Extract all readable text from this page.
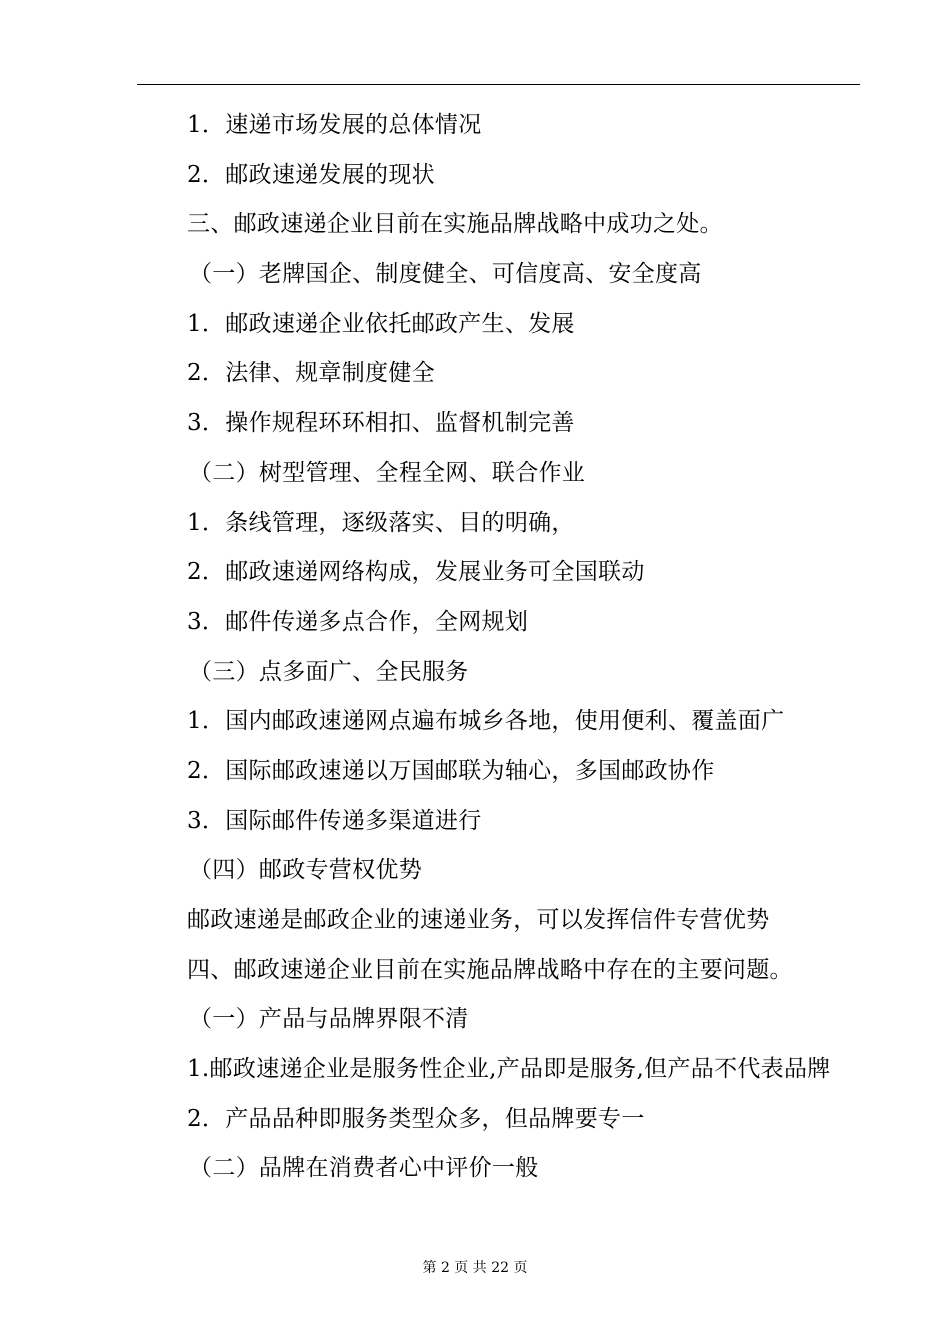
1．速递市场发展的总体情况
2．邮政速递发展的现状
三、邮政速递企业目前在实施品牌战略中成功之处。
（一）老牌国企、制度健全、可信度高、安全度高
1．邮政速递企业依托邮政产生、发展
2．法律、规章制度健全
3．操作规程环环相扣、监督机制完善
（二）树型管理、全程全网、联合作业
1．条线管理，逐级落实、目的明确，
2．邮政速递网络构成，发展业务可全国联动
3．邮件传递多点合作，全网规划
（三）点多面广、全民服务
1．国内邮政速递网点遍布城乡各地，使用便利、覆盖面广
2．国际邮政速递以万国邮联为轴心，多国邮政协作
3．国际邮件传递多渠道进行
（四）邮政专营权优势
邮政速递是邮政企业的速递业务，可以发挥信件专营优势
四、邮政速递企业目前在实施品牌战略中存在的主要问题。
（一）产品与品牌界限不清
1.邮政速递企业是服务性企业,产品即是服务,但产品不代表品牌
2．产品品种即服务类型众多，但品牌要专一
（二）品牌在消费者心中评价一般
第 2 页 共 22 页
